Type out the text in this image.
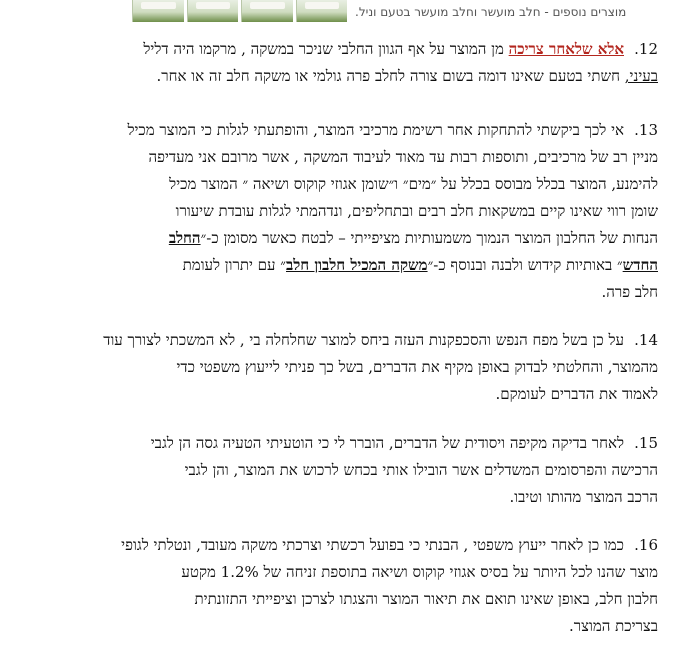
מוצרים נוספים - חלב מועשר וחלב מועשר בטעם וניל.
12.אלא שלאחר צריכה מן המוצר על אף הגוון החלבי שניכר במשקה , מרקמו היה דליל
בעיני, חשתי בטעם שאינו דומה בשום צורה לחלב פרה גולמי או משקה חלב זה או אחר.
13.אי לכך ביקשתי להתחקות אחר רשימת מרכיבי המוצר, והופתעתי לגלות כי המוצר מכיל
מניין רב של מרכיבים, ותוספות רבות עד מאוד לעיבוד המשקה , אשר מרובם אני מעדיפה
להימנע, המוצר בכלל מבוסס בכלל על ״מים״ ו״שומן אגוזי קוקוס ושיאה ״ המוצר מכיל
שומן רווי שאינו קיים במשקאות חלב רבים ובתחליפים, ונדהמתי לגלות עובדת שיעורו
הנחות של החלבון המוצר הנמוך משמעותיות מציפייתי – לבטח כאשר מסומן כ-״החלב
החדש״ באותיות קידוש ולבנה ובנוסף כ-״משקה המכיל חלבון חלב״ עם יתרון לעומת
חלב פרה.
14.על כן בשל מפח הנפש והסכפקנות העזה ביחס למוצר שחלחלה בי , לא המשכתי לצורך עוד
מהמוצר, והחלטתי לבדוק באופן מקיף את הדברים, בשל כך פניתי לייעוץ משפטי כדי
לאמוד את הדברים לעומקם.
15.לאחר בדיקה מקיפה ויסודית של הדברים, הוברר לי כי הוטעיתי הטעיה גסה הן לגבי
הרכישה והפרסומים המשדלים אשר הובילו אותי בכחש לרכוש את המוצר, והן לגבי
הרכב המוצר מהותו וטיבו.
16.כמו כן לאחר ייעוץ משפטי , הבנתי כי בפועל רכשתי וצרכתי משקה מעובד, ונטלתי לגופי
מוצר שהנו לכל היותר על בסיס אגוזי קוקוס ושיאה בתוספת זניחה של 1.2% מקטע
חלבון חלב, באופן שאינו תואם את תיאור המוצר והצגתו לצרכן וציפייתי התזונתית
בצריכת המוצר.
